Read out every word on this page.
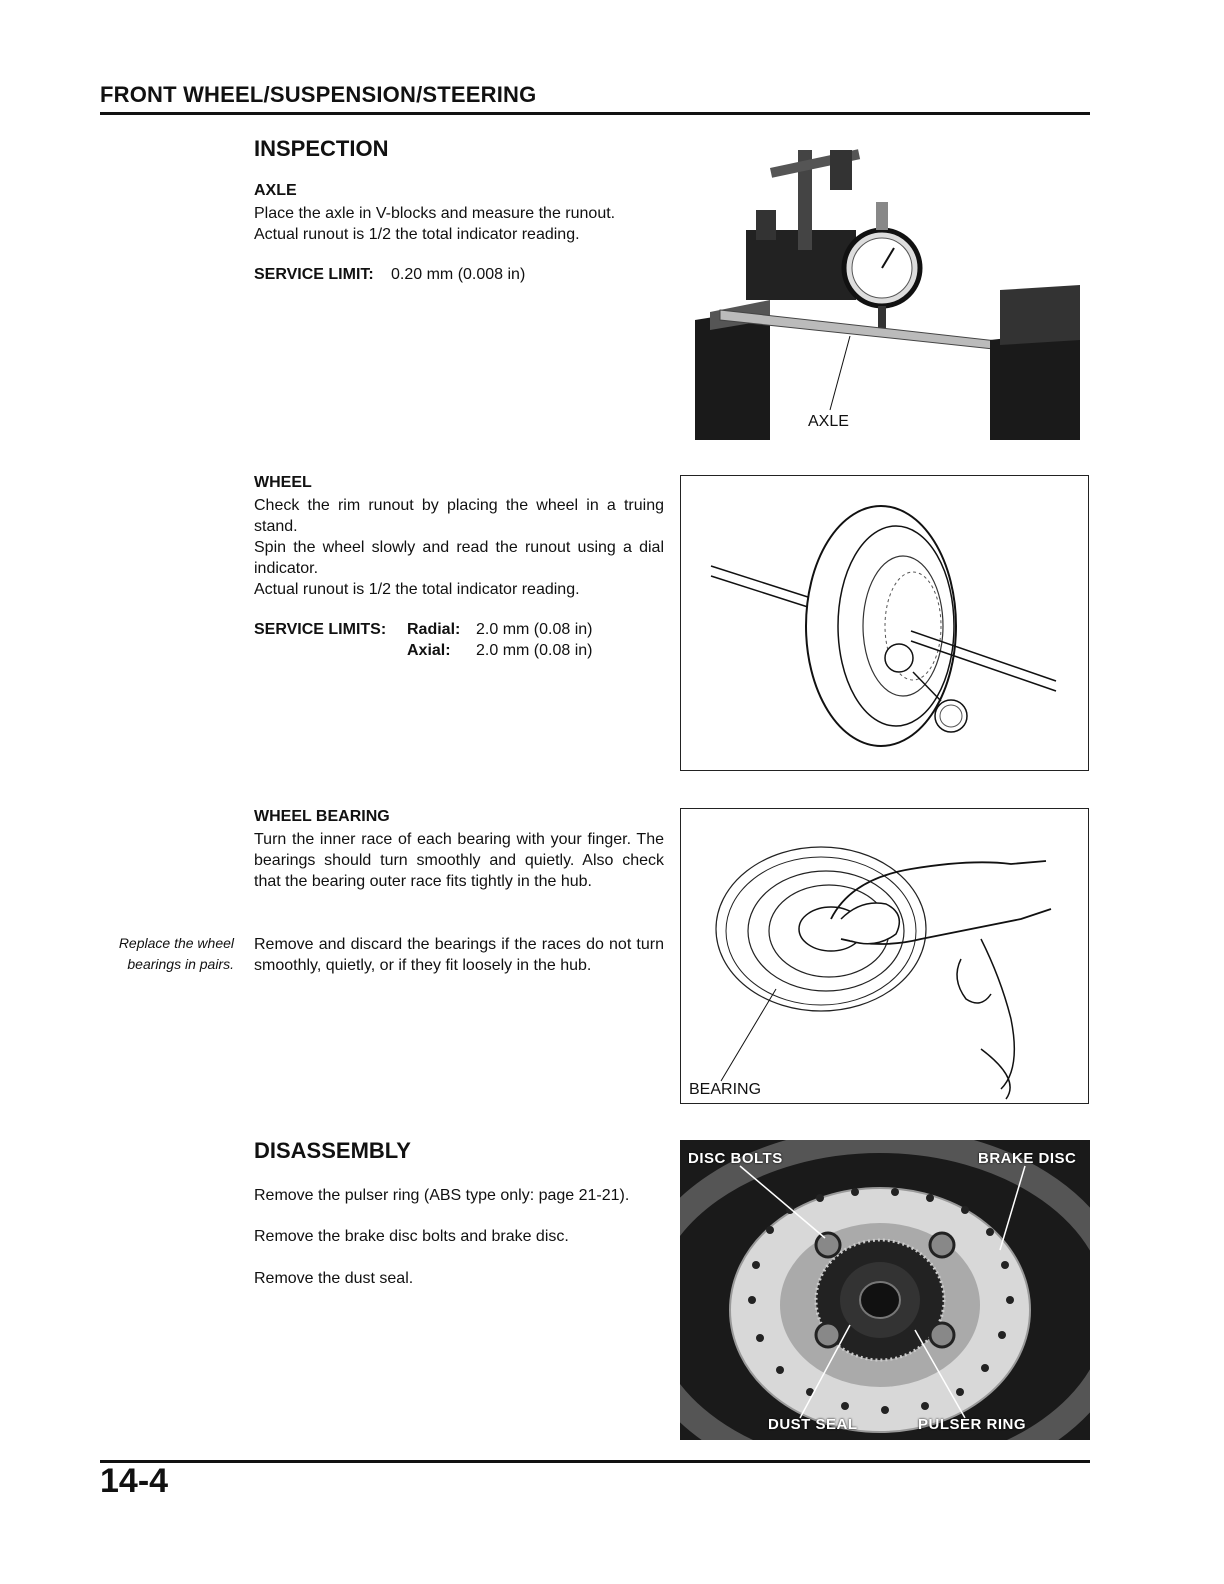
FRONT WHEEL/SUSPENSION/STEERING
INSPECTION
AXLE
Place the axle in V-blocks and measure the runout.
Actual runout is 1/2 the total indicator reading.
SERVICE LIMIT: 0.20 mm (0.008 in)
AXLE
WHEEL
Check the rim runout by placing the wheel in a truing stand.
Spin the wheel slowly and read the runout using a dial indicator.
Actual runout is 1/2 the total indicator reading.
SERVICE LIMITS: Radial: 2.0 mm (0.08 in)
Axial: 2.0 mm (0.08 in)
WHEEL BEARING
Turn the inner race of each bearing with your finger. The bearings should turn smoothly and quietly. Also check that the bearing outer race fits tightly in the hub.
Replace the wheel bearings in pairs.
Remove and discard the bearings if the races do not turn smoothly, quietly, or if they fit loosely in the hub.
BEARING
DISASSEMBLY
Remove the pulser ring (ABS type only: page 21-21).
Remove the brake disc bolts and brake disc.
Remove the dust seal.
DISC BOLTS	BRAKE DISC
DUST SEAL	PULSER RING
14-4
